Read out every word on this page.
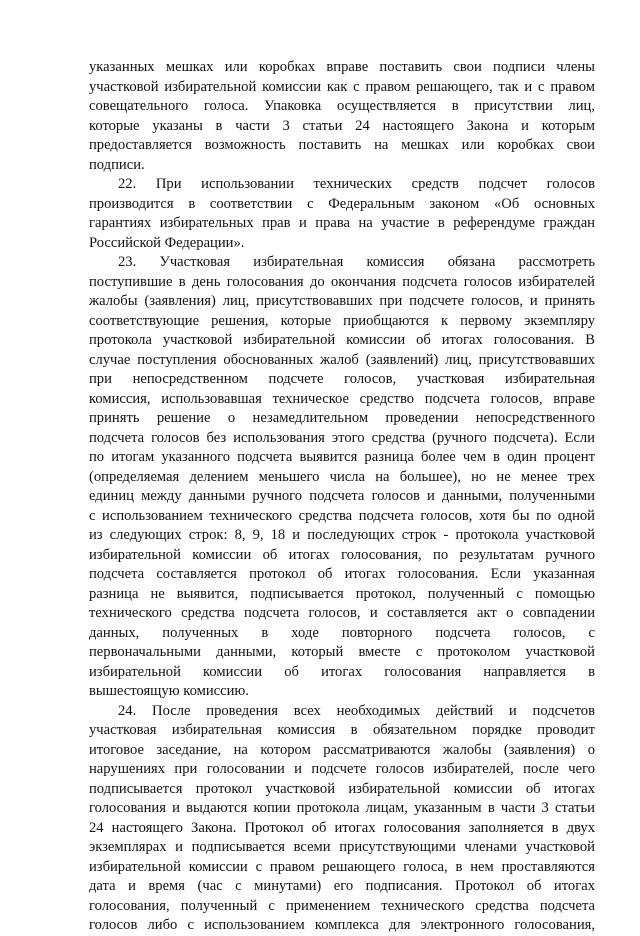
указанных мешках или коробках вправе поставить свои подписи члены
участковой избирательной комиссии как с правом решающего, так и с правом
совещательного голоса. Упаковка осуществляется в присутствии лиц,
которые указаны в части 3 статьи 24 настоящего Закона и которым
предоставляется возможность поставить на мешках или коробках свои
подписи.
22. При использовании технических средств подсчет голосов
производится в соответствии с Федеральным законом «Об основных
гарантиях избирательных прав и права на участие в референдуме граждан
Российской Федерации».
23. Участковая избирательная комиссия обязана рассмотреть
поступившие в день голосования до окончания подсчета голосов избирателей
жалобы (заявления) лиц, присутствовавших при подсчете голосов, и принять
соответствующие решения, которые приобщаются к первому экземпляру
протокола участковой избирательной комиссии об итогах голосования. В
случае поступления обоснованных жалоб (заявлений) лиц, присутствовавших
при непосредственном подсчете голосов, участковая избирательная
комиссия, использовавшая техническое средство подсчета голосов, вправе
принять решение о незамедлительном проведении непосредственного
подсчета голосов без использования этого средства (ручного подсчета). Если
по итогам указанного подсчета выявится разница более чем в один процент
(определяемая делением меньшего числа на большее), но не менее трех
единиц между данными ручного подсчета голосов и данными, полученными
с использованием технического средства подсчета голосов, хотя бы по одной
из следующих строк: 8, 9, 18 и последующих строк - протокола участковой
избирательной комиссии об итогах голосования, по результатам ручного
подсчета составляется протокол об итогах голосования. Если указанная
разница не выявится, подписывается протокол, полученный с помощью
технического средства подсчета голосов, и составляется акт о совпадении
данных, полученных в ходе повторного подсчета голосов, с
первоначальными данными, который вместе с протоколом участковой
избирательной комиссии об итогах голосования направляется в
вышестоящую комиссию.
24. После проведения всех необходимых действий и подсчетов
участковая избирательная комиссия в обязательном порядке проводит
итоговое заседание, на котором рассматриваются жалобы (заявления) о
нарушениях при голосовании и подсчете голосов избирателей, после чего
подписывается протокол участковой избирательной комиссии об итогах
голосования и выдаются копии протокола лицам, указанным в части 3 статьи
24 настоящего Закона. Протокол об итогах голосования заполняется в двух
экземплярах и подписывается всеми присутствующими членами участковой
избирательной комиссии с правом решающего голоса, в нем проставляются
дата и время (час с минутами) его подписания. Протокол об итогах
голосования, полученный с применением технического средства подсчета
голосов либо с использованием комплекса для электронного голосования,
